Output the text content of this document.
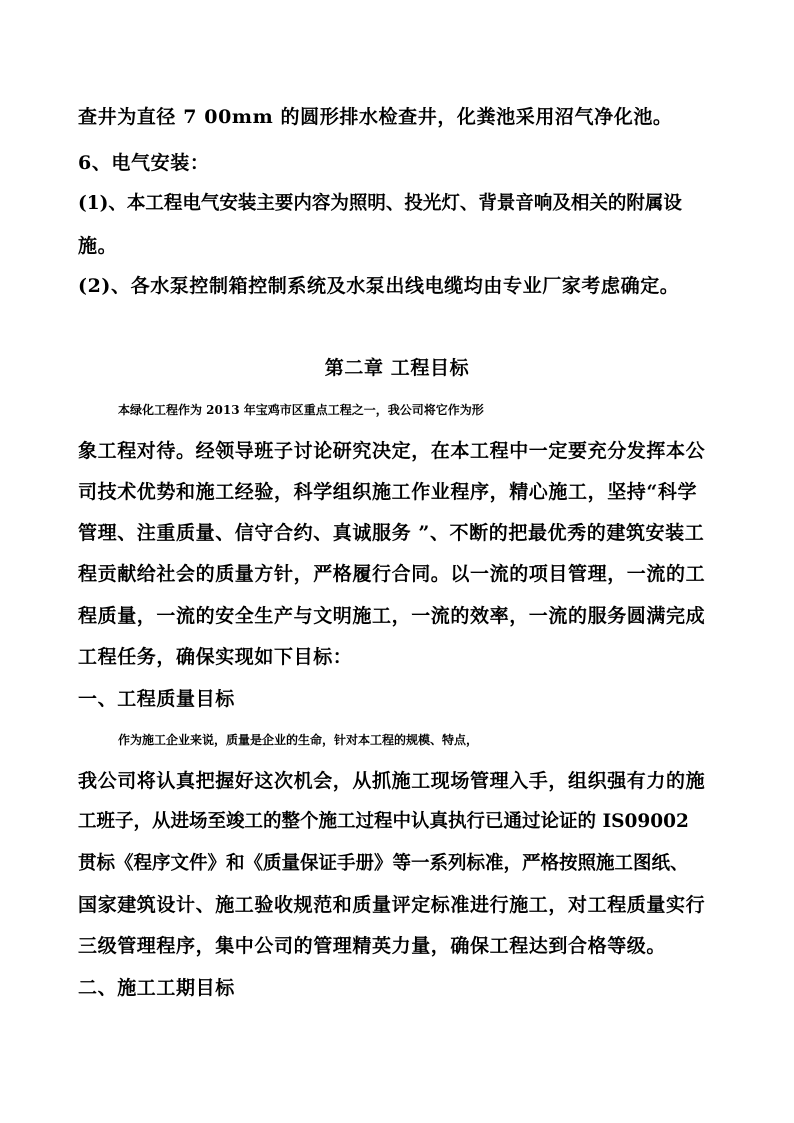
查井为直径 7 00mm 的圆形排水检查井，化粪池采用沼气净化池。
6、电气安装：
(1)、本工程电气安装主要内容为照明、投光灯、背景音响及相关的附属设
施。
(2)、各水泵控制箱控制系统及水泵出线电缆均由专业厂家考虑确定。
第二章 工程目标
本绿化工程作为 2013 年宝鸡市区重点工程之一，我公司将它作为形
象工程对待。经领导班子讨论研究决定，在本工程中一定要充分发挥本公
司技术优势和施工经验，科学组织施工作业程序，精心施工，坚持“科学
管理、注重质量、信守合约、真诚服务 ”、不断的把最优秀的建筑安装工
程贡献给社会的质量方针，严格履行合同。以一流的项目管理，一流的工
程质量，一流的安全生产与文明施工，一流的效率，一流的服务圆满完成
工程任务，确保实现如下目标：
一、工程质量目标
作为施工企业来说，质量是企业的生命，针对本工程的规模、特点，
我公司将认真把握好这次机会，从抓施工现场管理入手，组织强有力的施
工班子，从进场至竣工的整个施工过程中认真执行已通过论证的 IS09002
贯标《程序文件》和《质量保证手册》等一系列标准，严格按照施工图纸、
国家建筑设计、施工验收规范和质量评定标准进行施工，对工程质量实行
三级管理程序，集中公司的管理精英力量，确保工程达到合格等级。
二、施工工期目标
